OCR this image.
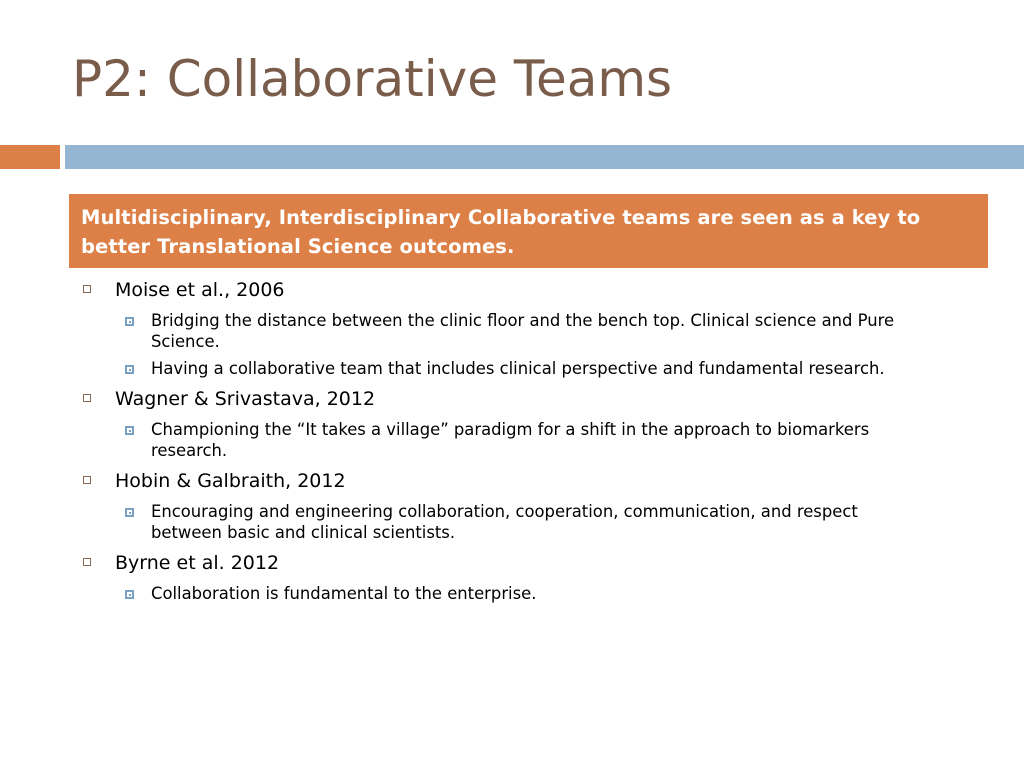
P2: Collaborative Teams
Multidisciplinary, Interdisciplinary Collaborative teams are seen as a key to better Translational Science outcomes.
Moise et al., 2006
Bridging the distance between the clinic floor and the bench top. Clinical science and Pure Science.
Having a collaborative team that includes clinical perspective and fundamental research.
Wagner & Srivastava, 2012
Championing the “It takes a village” paradigm for a shift in the approach to biomarkers research.
Hobin & Galbraith, 2012
Encouraging and engineering collaboration, cooperation, communication, and respect between basic and clinical scientists.
Byrne et al. 2012
Collaboration is fundamental to the enterprise.
